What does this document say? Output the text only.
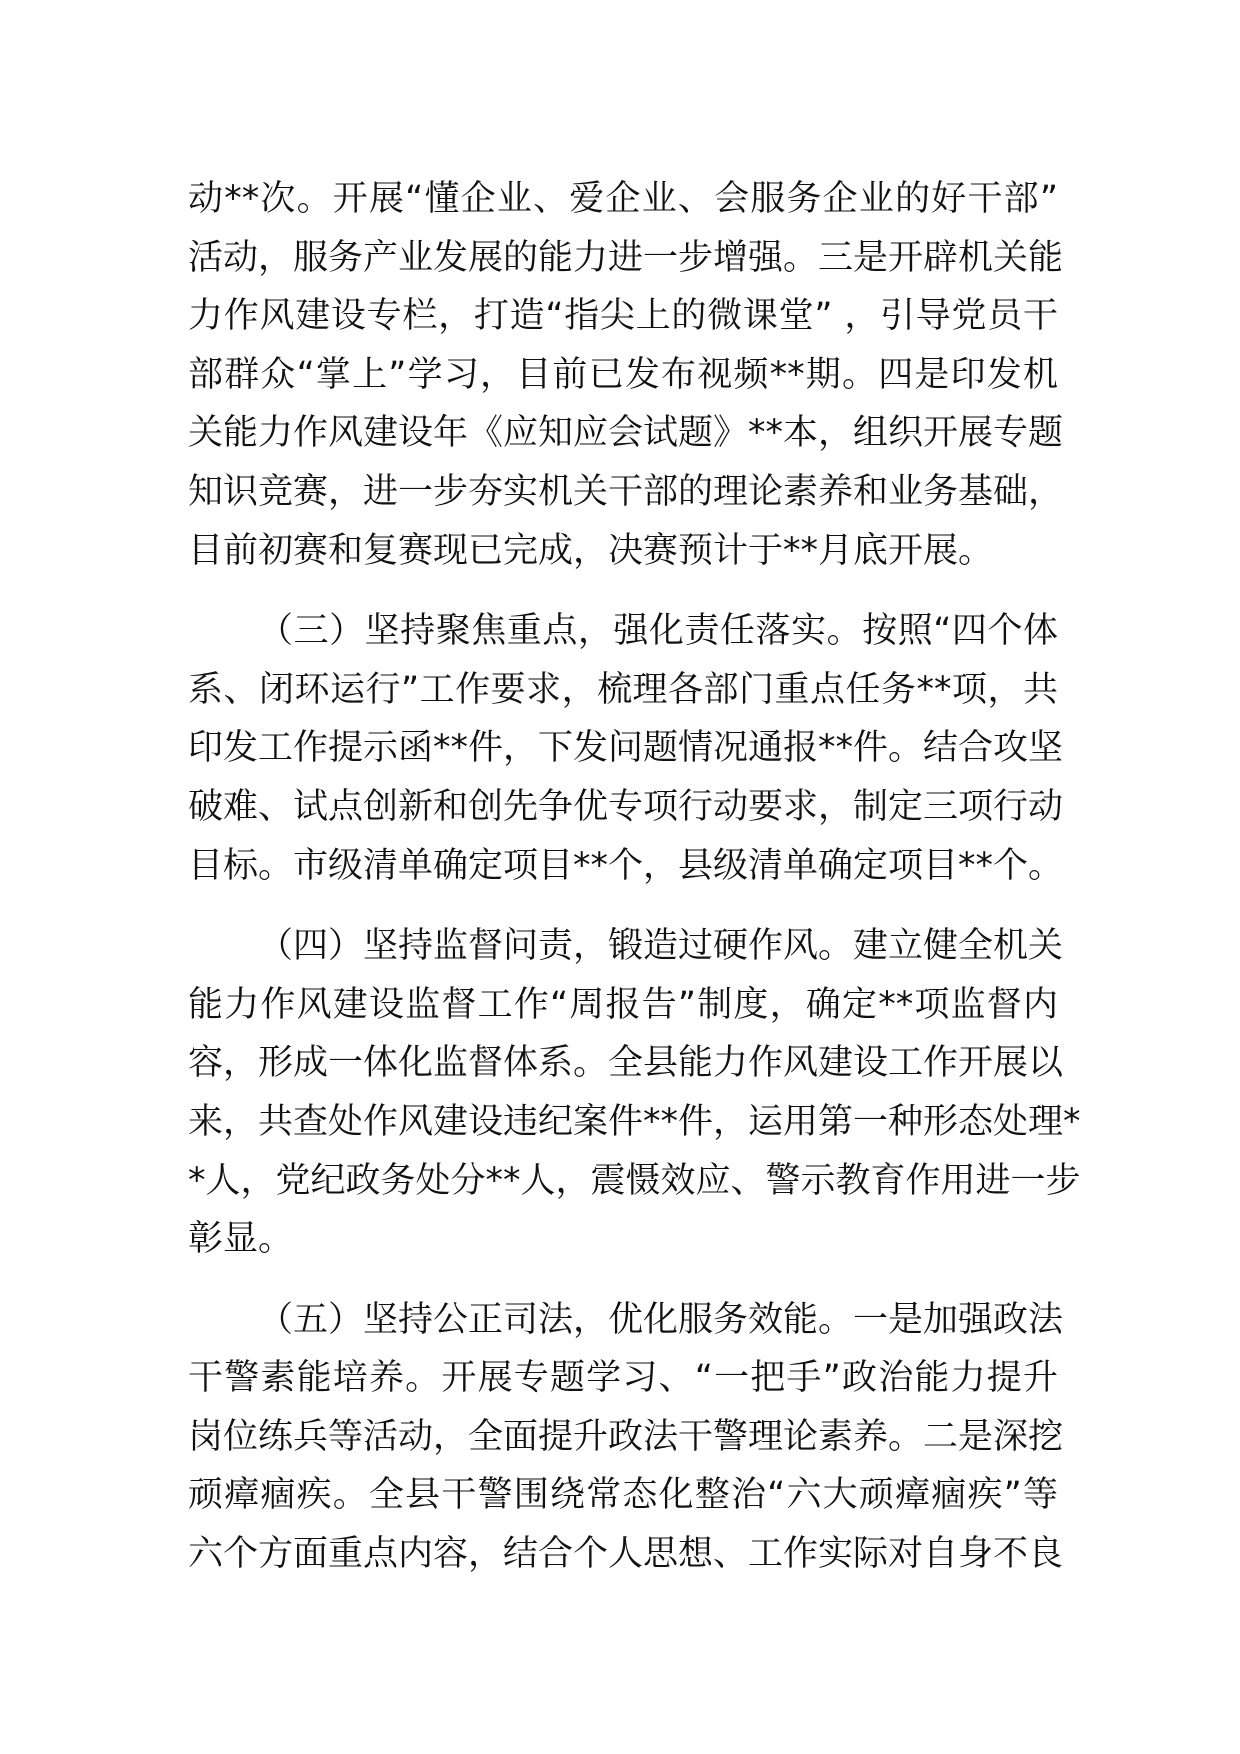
动**次。开展“懂企业、爱企业、会服务企业的好干部”
活动，服务产业发展的能力进一步增强。三是开辟机关能
力作风建设专栏，打造“指尖上的微课堂” ，引导党员干
部群众“掌上”学习，目前已发布视频**期。四是印发机
关能力作风建设年《应知应会试题》**本，组织开展专题
知识竞赛，进一步夯实机关干部的理论素养和业务基础，
目前初赛和复赛现已完成，决赛预计于**月底开展。
（三）坚持聚焦重点，强化责任落实。按照“四个体
系、闭环运行”工作要求，梳理各部门重点任务**项，共
印发工作提示函**件，下发问题情况通报**件。结合攻坚
破难、试点创新和创先争优专项行动要求，制定三项行动
目标。市级清单确定项目**个，县级清单确定项目**个。
（四）坚持监督问责，锻造过硬作风。建立健全机关
能力作风建设监督工作“周报告”制度，确定**项监督内
容，形成一体化监督体系。全县能力作风建设工作开展以
来，共查处作风建设违纪案件**件，运用第一种形态处理*
*人，党纪政务处分**人，震慑效应、警示教育作用进一步
彰显。
（五）坚持公正司法，优化服务效能。一是加强政法
干警素能培养。开展专题学习、“一把手”政治能力提升
岗位练兵等活动，全面提升政法干警理论素养。二是深挖
顽瘴痼疾。全县干警围绕常态化整治“六大顽瘴痼疾”等
六个方面重点内容，结合个人思想、工作实际对自身不良
